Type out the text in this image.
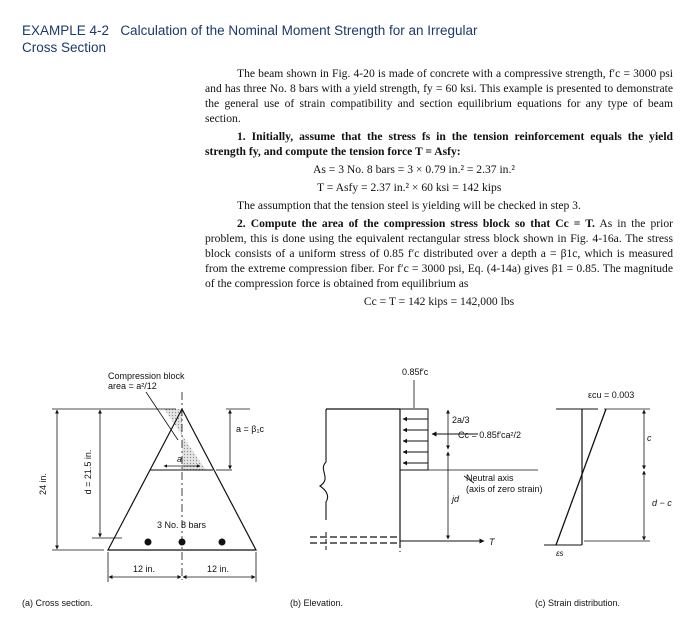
EXAMPLE 4-2 Calculation of the Nominal Moment Strength for an Irregular
Cross Section

The beam shown in Fig. 4-20 is made of concrete with a compressive strength, f′c = 3000 psi and has three No. 8 bars with a yield strength, fy = 60 ksi. This example is presented to demonstrate the general use of strain compatibility and section equilibrium equations for any type of beam section.

1. Initially, assume that the stress fs in the tension reinforcement equals the yield strength fy, and compute the tension force T = Asfy:

As = 3 No. 8 bars = 3 × 0.79 in.² = 2.37 in.²

T = Asfy = 2.37 in.² × 60 ksi = 142 kips

The assumption that the tension steel is yielding will be checked in step 3.

2. Compute the area of the compression stress block so that Cc = T. As in the prior problem, this is done using the equivalent rectangular stress block shown in Fig. 4-16a. The stress block consists of a uniform stress of 0.85 f′c distributed over a depth a = β1c, which is measured from the extreme compression fiber. For f′c = 3000 psi, Eq. (4-14a) gives β1 = 0.85. The magnitude of the compression force is obtained from equilibrium as

Cc = T = 142 kips = 142,000 lbs

Compression block
area = a²/12
a = β₁c
a
24 in.	d = 21.5 in.
3 No. 8 bars
12 in.	12 in.
(a) Cross section.
0.85f′c
2a/3
Cc = 0.85f′ca²/2
Neutral axis
(axis of zero strain)
jd
T
(b) Elevation.
εcu = 0.003
εs
c
d − c
(c) Strain distribution.
